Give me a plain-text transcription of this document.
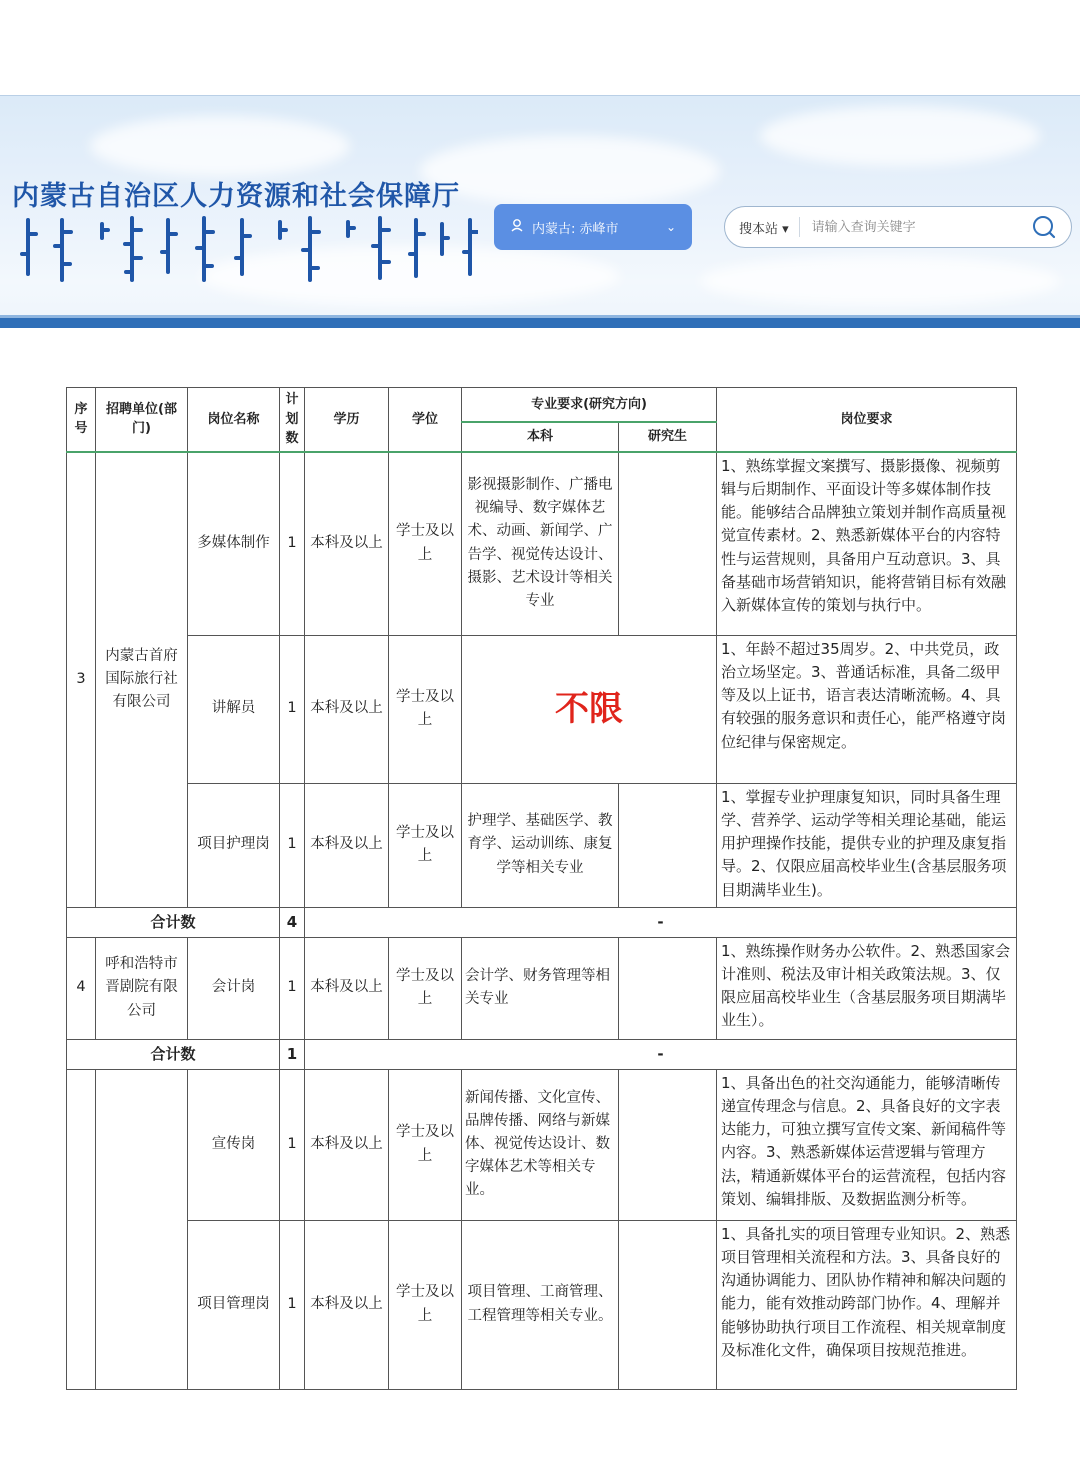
内蒙古自治区人力资源和社会保障厅
内蒙古: 赤峰市	⌄	搜本站 ▾
请输入查询关键字
序号	招聘单位(部门)	岗位名称	计划数	学历	学位	专业要求(研究方向)		岗位要求
						本科	研究生	
3	内蒙古首府国际旅行社有限公司	多媒体制作	1	本科及以上	学士及以上	影视摄影制作、广播电视编导、数字媒体艺术、动画、新闻学、广告学、视觉传达设计、摄影、艺术设计等相关专业		1、熟练掌握文案撰写、摄影摄像、视频剪辑与后期制作、平面设计等多媒体制作技能。能够结合品牌独立策划并制作高质量视觉宣传素材。2、熟悉新媒体平台的内容特性与运营规则，具备用户互动意识。3、具备基础市场营销知识，能将营销目标有效融入新媒体宣传的策划与执行中。

		讲解员	1	本科及以上	学士及以上	不限		1、年龄不超过35周岁。2、中共党员，政治立场坚定。3、普通话标准，具备二级甲等及以上证书，语言表达清晰流畅。4、具有较强的服务意识和责任心，能严格遵守岗位纪律与保密规定。

		项目护理岗	1	本科及以上	学士及以上	护理学、基础医学、教育学、运动训练、康复学等相关专业		1、掌握专业护理康复知识，同时具备生理学、营养学、运动学等相关理论基础，能运用护理操作技能，提供专业的护理及康复指导。2、仅限应届高校毕业生(含基层服务项目期满毕业生)。

合计数			4	-				
4	呼和浩特市晋剧院有限公司	会计岗	1	本科及以上	学士及以上	会计学、财务管理等相关专业		1、熟练操作财务办公软件。2、熟悉国家会计准则、税法及审计相关政策法规。3、仅限应届高校毕业生（含基层服务项目期满毕业生）。

合计数			1	-				
		宣传岗	1	本科及以上	学士及以上	新闻传播、文化宣传、品牌传播、网络与新媒体、视觉传达设计、数字媒体艺术等相关专业。		1、具备出色的社交沟通能力，能够清晰传递宣传理念与信息。2、具备良好的文字表达能力，可独立撰写宣传文案、新闻稿件等内容。3、熟悉新媒体运营逻辑与管理方法，精通新媒体平台的运营流程，包括内容策划、编辑排版、及数据监测分析等。

		项目管理岗	1	本科及以上	学士及以上	项目管理、工商管理、工程管理等相关专业。		1、具备扎实的项目管理专业知识。2、熟悉项目管理相关流程和方法。3、具备良好的沟通协调能力、团队协作精神和解决问题的能力，能有效推动跨部门协作。4、理解并能够协助执行项目工作流程、相关规章制度及标准化文件，确保项目按规范推进。
